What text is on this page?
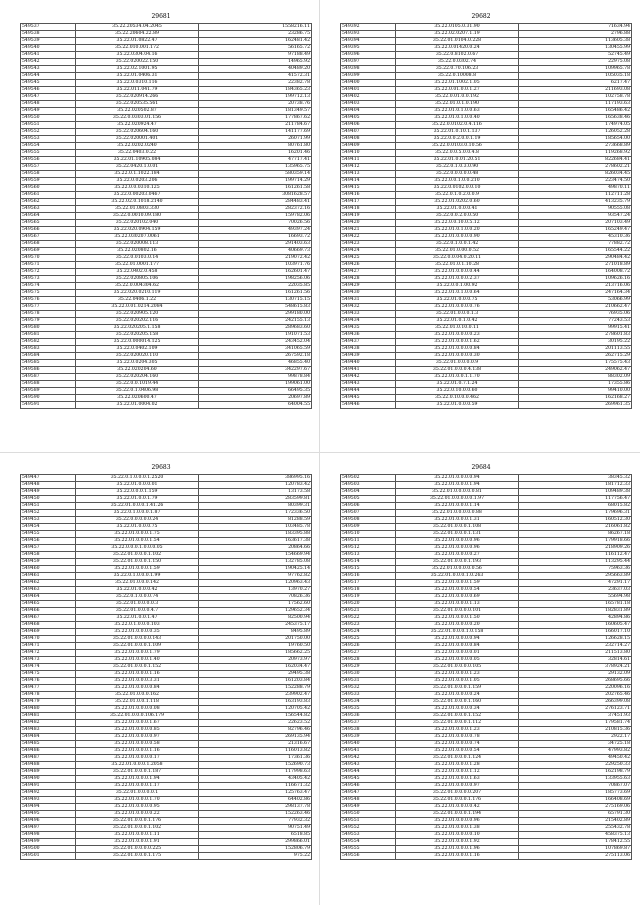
29681
549537	35.22.20534.04.2045	1558216.11
549538	35.22.20604.22.89	23286.75
549539	35.22.01.0822.47	162481.42
549540	35.22.010.001.172	56165.72
549541	35.22.0304.04.16	97188.49
549542	35.22.020022.150	14965.92
549543	35.22.02.1001.95	40489.20
549544	35.22.01.0406.31	41572.31
549545	35.22.0.0310.116	22382.78
549546	35.22.011.041.79	184365.23
549547	35.22.020914.266	199712.13
549548	35.22.020535.561	20738.76
549549	35.22.020502.87	181349.57
549550	35.22.0.0303.01.156	177867.62
549551	35.22.020924.47	211784.67
549552	35.22.020604.160	141177.69
549553	35.22.020001.401	26071.99
549554	35.22.0202.0240	80761.80
549555	35.22.0403.0.22	16201.46
549556	35.22.01.10905.084	47717.41
549557	35.22.0420.1.0.01	135965.75
549558	35.22.0.1.1022.184	580359.14
549559	35.22.0.0203.206	199714.29
549560	35.22.0.0.0310.125	161261.58
549561	35.22.0.00203.0467	3081628.57
549562	35.22.02.0.1018.2140	284483.41
549563	35.22.01.0803.330	282372.16
549564	35.22.0.0010.09.180	159782.06
549565	35.22.020102.040	70026.56
549566	35.22.020.0904.159	49397.24
549567	35.22.030207.0061	16693.72
549568	35.22.020008.113	291403.63
549569	35.22.020802.16	40669.73
549570	35.22.0.0103.0.14	219072.42
549571	35.22.01.0001.177	103971.76
549572	35.22.0402.0.458	162601.47
549573	35.22.020805.106	198256.06
549574	35.22.0.004304.62	22035.85
549575	35.22.020.0210.119	161261.56
549576	35.22.0406.1.22	130715.15
549577	35.22.0.01.0214.2084	548615.83
549578	35.22.020905.120	299180.00
549579	35.22.020202.116	242155.13
549580	35.22.020205.1.158	289683.60
549581	35.22.020205.158	191071.53
549582	35.22.0.000014.125	243452.04
549583	35.22.0.0402.109	341065.59
549584	35.22.020020.110	267592.18
549585	35.22.0.0204.305	46855.40
549586	35.22.020204.60	342297.67
549587	35.22.020204.160	99878.84
549588	35.22.0.0.1019.44	199061.00
549589	35.22.0.1.0406.98	66495.35
549590	35.22.020600.47	20697.89
549591	35.22.01.0004.02	64004.55
29682
549392	35.22.0105.0.31.90	71634.94
549393	35.22.02.0207.1.19	2796.88
549394	35.22.01.0104.0.228	113605.38
549395	35.22.0.01420.0.24	130455.99
549396	35.22.0.8102.0.67	52745.49
549397	35.22.0.0302.74	22975.08
549398	35.22.0.70.106.23	109965.78
549399	35.22.0.10008.8	105035.18
549400	35.22.01.1002.1.05	6217.47
549401	35.22.0.01.0.0.1.27	211693.08
549402	35.22.0.01.0.0.192	102758.78
549403	35.22.01.0.1.0.190	117193.63
549404	35.22.01.0.1.0.0.63	165486.42
549405	35.22.01.0.1.0.0.40	165638.46
549406	35.22.0.0102.0.4.116	174974.05
549407	35.22.01.0.10.1.137	126052.28
549408	35.22.0.0.2.0.0.1.19	185654.00
549409	35.22.0.0103.0.10.56	273668.89
549410	35.22.0.0.5.0.0.4.8	119268.92
549411	35.22.01.0.01.20.51	822684.41
549412	35.22.0.1.0.3.0.90	278602.21
549413	35.22.0.0.0.0.0.48	826034.45
549414	35.22.0.0.1.0.0.210	223474.50
549415	35.22.0.0102.0.0.10	49870.11
549416	35.22.0.1.0.2.0.0.9	112711.28
549417	35.22.01.0202.0.60	413235.79
549418	35.22.01.0.0.0.41	90555.08
549419	35.22.0.0.2.0.0.50	93547.24
549420	35.22.0.0.10.0.5.12	207103.49
549421	35.22.01.0.1.0.0.20	165249.47
549422	35.22.01.0.0.0.0.90	45310.36
549423	35.22.0.1.0.0.1.42	77882.72
549424	35.22.01.0.00.0.52	165544.22
549425	35.22.0.0.04.0.20.11	290484.42
549426	35.22.01.0.1.10.28	271018.89
549427	35.22.01.0.0.0.0.44	164008.72
549428	35.22.01.0.0.0.2.37	109626.16
549429	35.22.0.0.1.00.92	213716.06
549430	35.22.01.0.1.0.0.64	247164.34
549431	35.22.01.0.0.0.75	53066.99
549432	35.22.01.0.0.0.0.76	210662.47
549433	35.22.01.0.0.0.1.3	76935.06
549434	35.22.01.0.1.0.42	77243.53
549435	35.22.01.0.10.0.11	99915.41
549436	35.22.01.0.0.0.0.23	278601.83
549437	35.22.01.0.0.0.1.62	30195.22
549438	35.22.01.0.0.0.0.84	201113.55
549439	35.22.01.0.0.0.0.30	262715.29
549440	35.22.01.0.0.0.0.9	175575.43
549441	35.22.01.0.0.0.4.138	249062.47
549442	35.22.01.0.0.1.1.70	88302.09
549443	35.22.01.0.7.1.24	17355.86
549444	35.22.0.10.0.0.60	99410.00
549445	35.22.0.10.0.0.462	162168.27
549446	35.22.01.0.0.0.59	269961.35
29683
549447	35.22.0.1.0.0.0.1.2520	386995.16
549448	35.22.01.0.0.0.01	120783.42
549449	35.22.0.0.0.1.159	13173.58
549450	35.22.01.0.0.1.79	283599.81
549451	35.22.01.0.0.0.1.41.26	80399.31
549452	35.22.0.1.0.0.0.1.87	172336.50
549453	35.22.0.0.0.0.0.24	81288.59
549454	35.22.01.0.0.0.75	103485.78
549455	35.22.01.0.0.0.1.75	183395.88
549456	35.22.01.0.0.0.1.54	163617.38
549457	35.22.0.0.0.1.0.0.0.05	20864.66
549458	35.22.01.0.0.0.1.102	154669.94
549459	35.22.01.0.0.0.1.150	132785.08
549460	35.22.01.0.0.0.1.59	190425.14
549461	35.22.0.1.0.0.0.1.99	97762.82
549462	35.22.01.0.0.0.142	120963.43
549463	35.22.01.0.0.0.42	13970.27
549464	35.22.0.1.0.0.0.74	70826.36
549465	35.22.01.0.0.0.0.3	17562.60
549466	35.22.01.0.0.0.4.7	129652.34
549467	35.22.01.0.0.1.47	82500.94
549468	35.22.0.1.0.0.0.103	245375.17
549469	35.22.01.0.0.0.0.35	8495.89
549470	35.22.01.0.0.0.0.143	201750.00
549471	35.22.01.0.0.0.1.109	19760.50
549472	35.22.01.0.0.0.1.79	185662.25
549473	35.22.01.0.0.0.1.40	20973.97
549474	35.22.01.0.0.0.1.152	162034.47
549475	35.22.01.0.0.0.1.16	29495.38
549476	35.22.01.0.0.0.3.31	161203.84
549477	35.22.01.0.0.0.0.84	152288.79
549478	35.22.01.0.0.0.162	239902.47
549479	35.22.01.0.0.1.118	163193.83
549480	35.22.01.0.0.0.0.08	120705.42
549481	35.22.01.0.0.0.106.179	156544.82
549482	35.22.01.0.0.0.1.67	22623.52
549483	35.22.01.0.0.0.0.85	82796.46
549484	35.22.01.0.0.0.0.97	269135.94
549485	35.22.01.0.0.0.0.58	21316.67
549486	35.22.01.0.0.0.1.16	116013.82
549487	35.22.01.0.0.0.0.17	17361.36
549488	35.22.01.0.0.0.1.2058	152690.73
549489	35.22.01.0.0.0.1.187	117998.63
549490	35.22.01.0.0.0.1.94	43405.42
549491	35.22.01.0.0.0.1.17	116671.32
549492	35.22.01.0.0.0.0.1	125763.47
549493	35.22.01.0.0.0.1.70	64402.86
549494	35.22.01.0.0.0.0.95	298137.78
549495	35.22.01.0.0.0.0.22	152263.46
549496	35.22.01.0.0.0.1.176	77932.32
549497	35.22.01.0.0.0.1.102	90751.49
549498	35.22.01.0.0.0.1.11	6518.85
549499	35.22.01.0.0.0.1.91	299866.01
549500	35.22.01.0.0.0.0.225	152806.79
549501	35.22.01.0.0.0.1.175	975.22
29684
549502	35.22.01.0.0.0.0.94	38345.32
549503	35.22.01.0.0.0.1.94	181712.33
549504	35.22.01.0.0.0.0.0.81	109489.38
549505	35.22.01.0.0.0.0.0.1.97	117756.47
549506	35.22.01.0.0.0.1.14	68015.82
549507	35.22.01.0.0.0.0.0.88	179696.31
549508	35.22.01.0.0.0.1.31	160512.30
549509	35.22.01.0.0.0.1.108	216061.82
549510	35.22.01.0.0.0.1.131	86267.18
549511	35.22.01.0.0.0.0.96	179918.66
549512	35.22.01.0.0.0.0.96	218909.26
549513	35.22.01.0.0.0.0.27	116112.47
549514	35.22.01.0.0.0.1.193	113295.44
549515	35.22.01.0.0.0.0.0.56	75963.36
549516	35.22.01.0.0.0.1.0.263	295663.89
549517	35.22.01.0.0.0.1.59	47291.17
549518	35.22.01.0.0.0.0.54	23637.03
549519	35.22.01.0.0.0.0.69	55694.98
549520	35.22.01.0.0.0.1.13	165781.18
549521	35.22.01.0.0.0.0.101	182831.89
549522	35.22.01.0.0.0.1.50	42894.86
549523	35.22.01.0.0.0.0.20	160605.47
549524	35.22.01.0.0.0.1.0.158	166017.10
549525	35.22.01.0.0.0.0.94	126628.15
549526	35.22.01.0.0.0.0.84	232714.27
549527	35.22.01.0.0.0.0.01	211513.80
549528	35.22.01.0.0.0.0.05	32814.61
549529	35.22.01.0.0.0.0.105	378924.21
549530	35.22.01.0.0.0.1.23	29132.09
549531	35.22.01.0.0.0.1.05	268695.66
549532	35.22.01.0.0.0.1.159	220096.16
549533	35.22.01.0.0.0.0.24	202765.46
549534	35.22.01.0.0.0.1.160	266399.08
549535	35.22.01.0.0.0.0.34	276123.71
549536	35.22.01.0.0.0.1.152	37451.93
549537	35.22.01.0.0.0.1.112	179581.74
549538	35.22.01.0.0.0.1.23	210815.36
549539	35.22.01.0.0.0.0.78	2922.17
549540	35.22.01.0.0.0.0.74	34725.18
549541	35.22.01.0.0.0.0.54	47993.82
549542	35.22.01.0.0.0.1.124	49450.42
549543	35.22.01.0.0.0.1.28	229250.33
549544	35.22.01.0.0.0.1.12	162198.79
549545	35.22.01.0.0.0.1.63	133955.63
549546	35.22.01.0.0.0.0.97	70867.07
549547	35.22.01.0.0.0.0.207	185773.69
549548	35.22.01.0.0.0.1.176	166408.69
549549	35.22.01.0.0.0.0.42	275169.06
549550	35.22.01.0.0.0.1.194	65791.30
549551	35.22.01.0.0.0.0.96	215402.89
549552	35.22.01.0.0.0.1.38	255432.78
549553	35.22.01.0.0.0.0.10	458375.13
549554	35.22.01.0.0.0.1.92	178412.55
549555	35.22.01.0.0.0.1.96	107869.87
549556	35.22.01.0.0.0.1.16	275113.06
